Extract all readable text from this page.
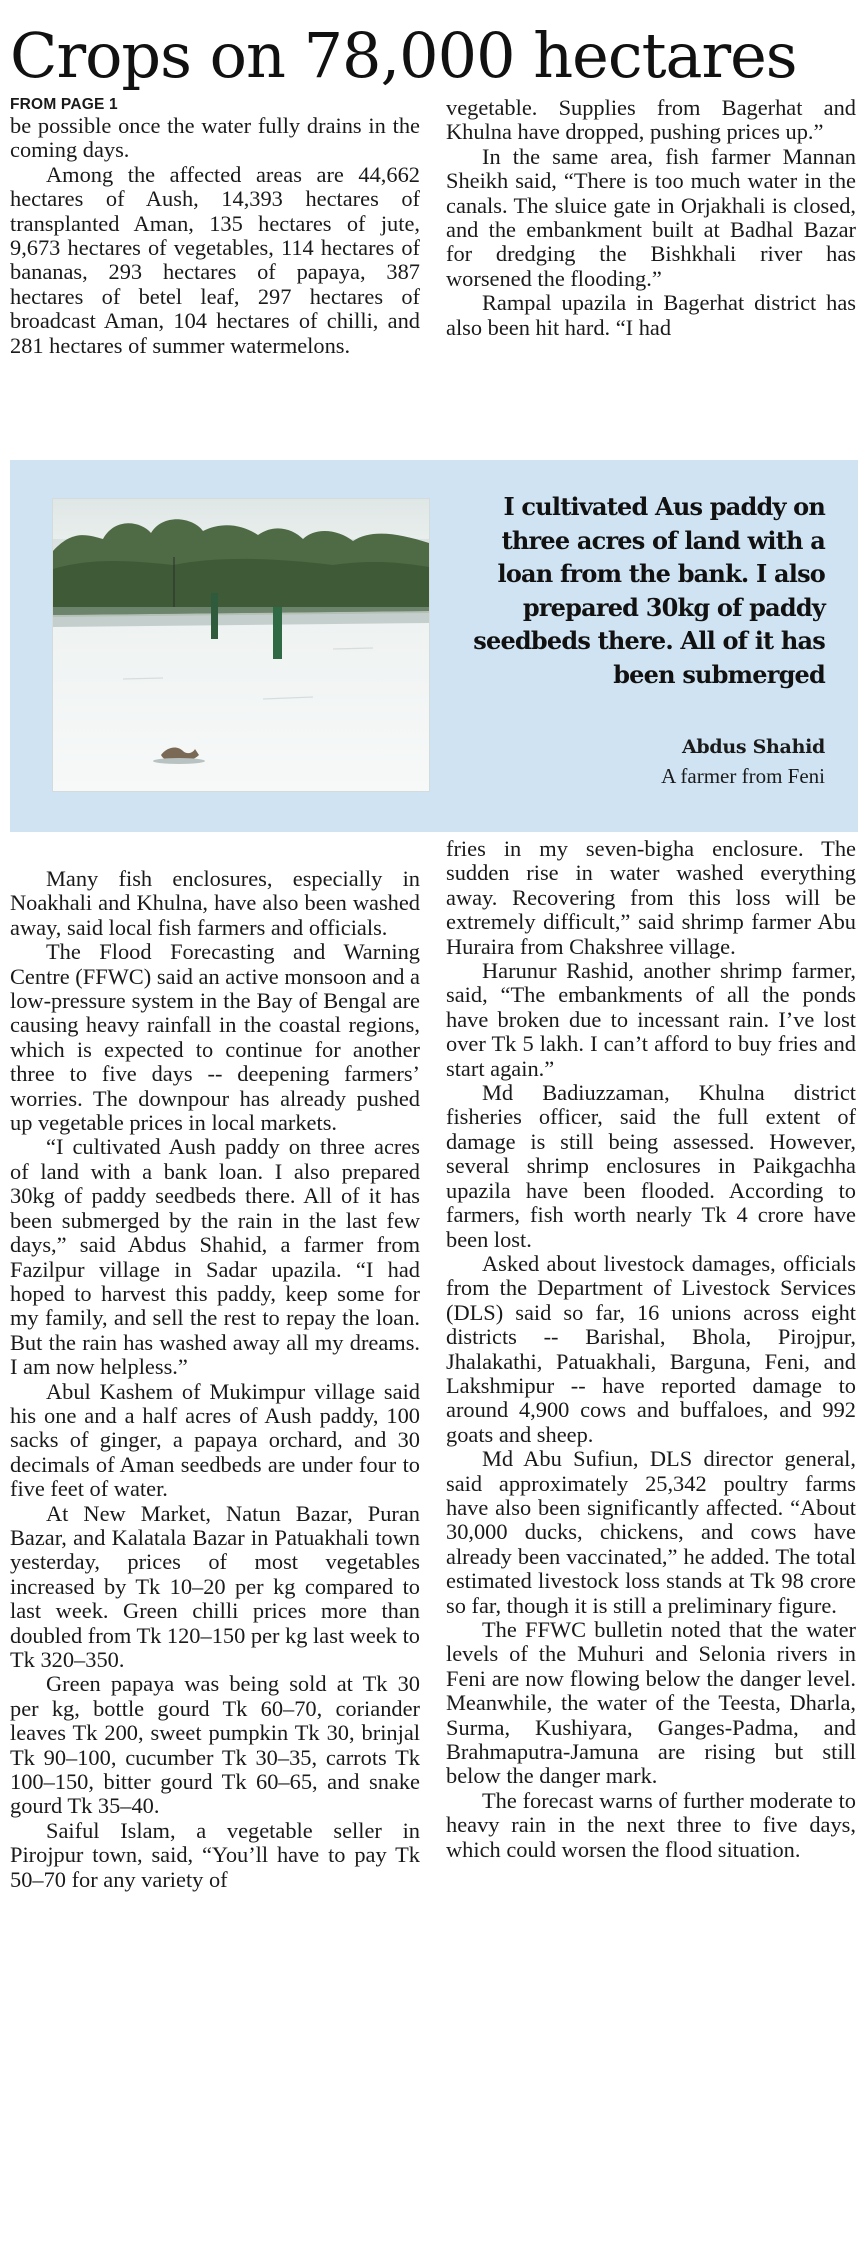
Crops on 78,000 hectares
FROM PAGE 1

be possible once the water fully drains in the coming days.

Among the affected areas are 44,662 hectares of Aush, 14,393 hectares of transplanted Aman, 135 hectares of jute, 9,673 hectares of vegetables, 114 hectares of bananas, 293 hectares of papaya, 387 hectares of betel leaf, 297 hectares of broadcast Aman, 104 hectares of chilli, and 281 hectares of summer watermelons.

vegetable. Supplies from Bagerhat and Khulna have dropped, pushing prices up.”

In the same area, fish farmer Mannan Sheikh said, “There is too much water in the canals. The sluice gate in Orjakhali is closed, and the embankment built at Badhal Bazar for dredging the Bishkhali river has worsened the flooding.”

Rampal upazila in Bagerhat district has also been hit hard. “I had

I cultivated Aus paddy on three acres of land with a loan from the bank. I also prepared 30kg of paddy seedbeds there. All of it has been submerged

Abdus Shahid

A farmer from Feni

Many fish enclosures, especially in Noakhali and Khulna, have also been washed away, said local fish farmers and officials.

The Flood Forecasting and Warning Centre (FFWC) said an active monsoon and a low-pressure system in the Bay of Bengal are causing heavy rainfall in the coastal regions, which is expected to continue for another three to five days -- deepening farmers’ worries. The downpour has already pushed up vegetable prices in local markets.

“I cultivated Aush paddy on three acres of land with a bank loan. I also prepared 30kg of paddy seedbeds there. All of it has been submerged by the rain in the last few days,” said Abdus Shahid, a farmer from Fazilpur village in Sadar upazila. “I had hoped to harvest this paddy, keep some for my family, and sell the rest to repay the loan. But the rain has washed away all my dreams. I am now helpless.”

Abul Kashem of Mukimpur village said his one and a half acres of Aush paddy, 100 sacks of ginger, a papaya orchard, and 30 decimals of Aman seedbeds are under four to five feet of water.

At New Market, Natun Bazar, Puran Bazar, and Kalatala Bazar in Patuakhali town yesterday, prices of most vegetables increased by Tk 10–20 per kg compared to last week. Green chilli prices more than doubled from Tk 120–150 per kg last week to Tk 320–350.

Green papaya was being sold at Tk 30 per kg, bottle gourd Tk 60–70, coriander leaves Tk 200, sweet pumpkin Tk 30, brinjal Tk 90–100, cucumber Tk 30–35, carrots Tk 100–150, bitter gourd Tk 60–65, and snake gourd Tk 35–40.

Saiful Islam, a vegetable seller in Pirojpur town, said, “You’ll have to pay Tk 50–70 for any variety of

fries in my seven-bigha enclosure. The sudden rise in water washed everything away. Recovering from this loss will be extremely difficult,” said shrimp farmer Abu Huraira from Chakshree village.

Harunur Rashid, another shrimp farmer, said, “The embankments of all the ponds have broken due to incessant rain. I’ve lost over Tk 5 lakh. I can’t afford to buy fries and start again.”

Md Badiuzzaman, Khulna district fisheries officer, said the full extent of damage is still being assessed. However, several shrimp enclosures in Paikgachha upazila have been flooded. According to farmers, fish worth nearly Tk 4 crore have been lost.

Asked about livestock damages, officials from the Department of Livestock Services (DLS) said so far, 16 unions across eight districts -- Barishal, Bhola, Pirojpur, Jhalakathi, Patuakhali, Barguna, Feni, and Lakshmipur -- have reported damage to around 4,900 cows and buffaloes, and 992 goats and sheep.

Md Abu Sufiun, DLS director general, said approximately 25,342 poultry farms have also been significantly affected. “About 30,000 ducks, chickens, and cows have already been vaccinated,” he added. The total estimated livestock loss stands at Tk 98 crore so far, though it is still a preliminary figure.

The FFWC bulletin noted that the water levels of the Muhuri and Selonia rivers in Feni are now flowing below the danger level. Meanwhile, the water of the Teesta, Dharla, Surma, Kushiyara, Ganges-Padma, and Brahmaputra-Jamuna are rising but still below the danger mark.

The forecast warns of further moderate to heavy rain in the next three to five days, which could worsen the flood situation.
